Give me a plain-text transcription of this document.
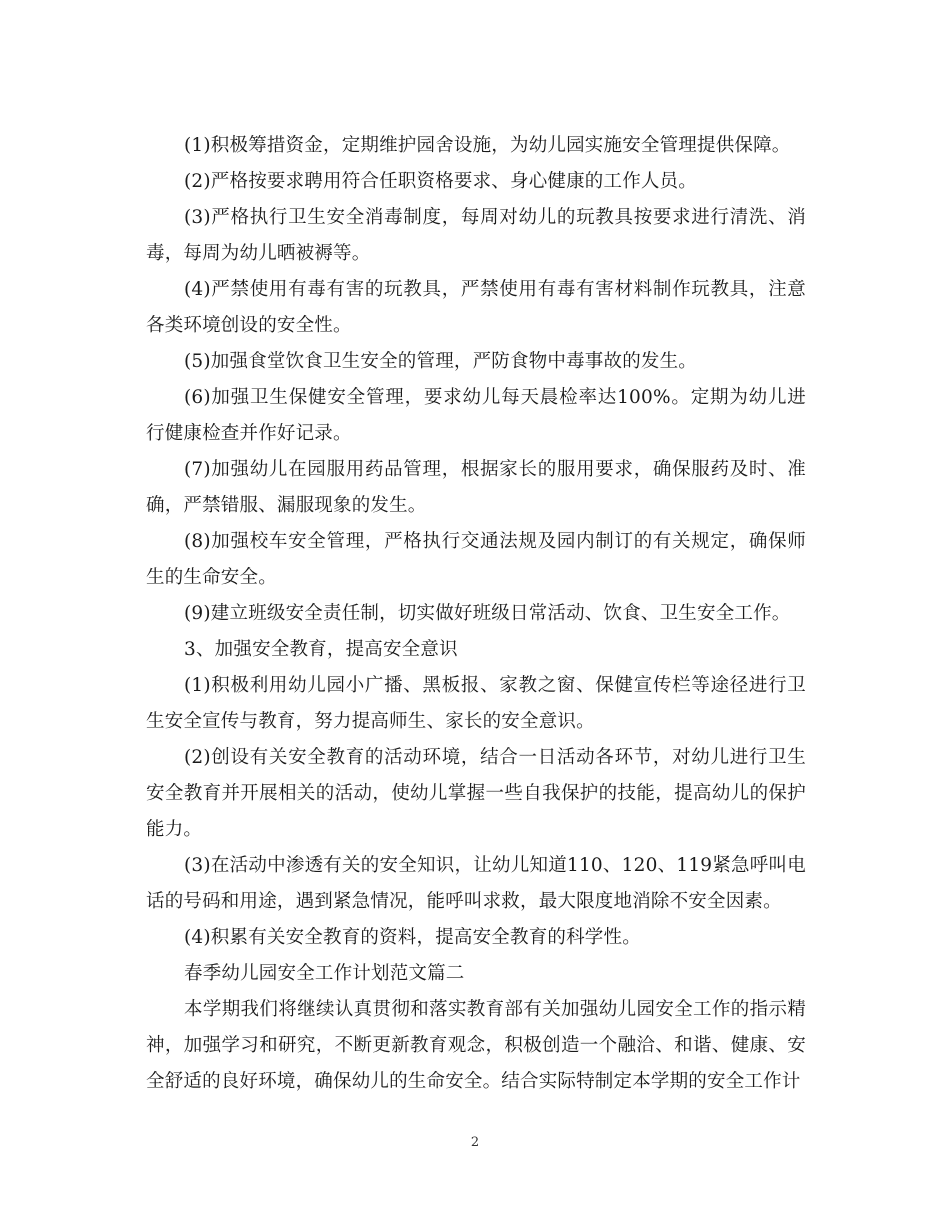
(1)积极筹措资金，定期维护园舍设施，为幼儿园实施安全管理提供保障。

(2)严格按要求聘用符合任职资格要求、身心健康的工作人员。

(3)严格执行卫生安全消毒制度，每周对幼儿的玩教具按要求进行清洗、消毒，每周为幼儿晒被褥等。

(4)严禁使用有毒有害的玩教具，严禁使用有毒有害材料制作玩教具，注意各类环境创设的安全性。

(5)加强食堂饮食卫生安全的管理，严防食物中毒事故的发生。

(6)加强卫生保健安全管理，要求幼儿每天晨检率达100%。定期为幼儿进行健康检查并作好记录。

(7)加强幼儿在园服用药品管理，根据家长的服用要求，确保服药及时、准确，严禁错服、漏服现象的发生。

(8)加强校车安全管理，严格执行交通法规及园内制订的有关规定，确保师生的生命安全。

(9)建立班级安全责任制，切实做好班级日常活动、饮食、卫生安全工作。

3、加强安全教育，提高安全意识

(1)积极利用幼儿园小广播、黑板报、家教之窗、保健宣传栏等途径进行卫生安全宣传与教育，努力提高师生、家长的安全意识。

(2)创设有关安全教育的活动环境，结合一日活动各环节，对幼儿进行卫生安全教育并开展相关的活动，使幼儿掌握一些自我保护的技能，提高幼儿的保护能力。

(3)在活动中渗透有关的安全知识，让幼儿知道110、120、119紧急呼叫电话的号码和用途，遇到紧急情况，能呼叫求救，最大限度地消除不安全因素。

(4)积累有关安全教育的资料，提高安全教育的科学性。

春季幼儿园安全工作计划范文篇二

本学期我们将继续认真贯彻和落实教育部有关加强幼儿园安全工作的指示精神，加强学习和研究，不断更新教育观念，积极创造一个融洽、和谐、健康、安全舒适的良好环境，确保幼儿的生命安全。结合实际特制定本学期的安全工作计

2
